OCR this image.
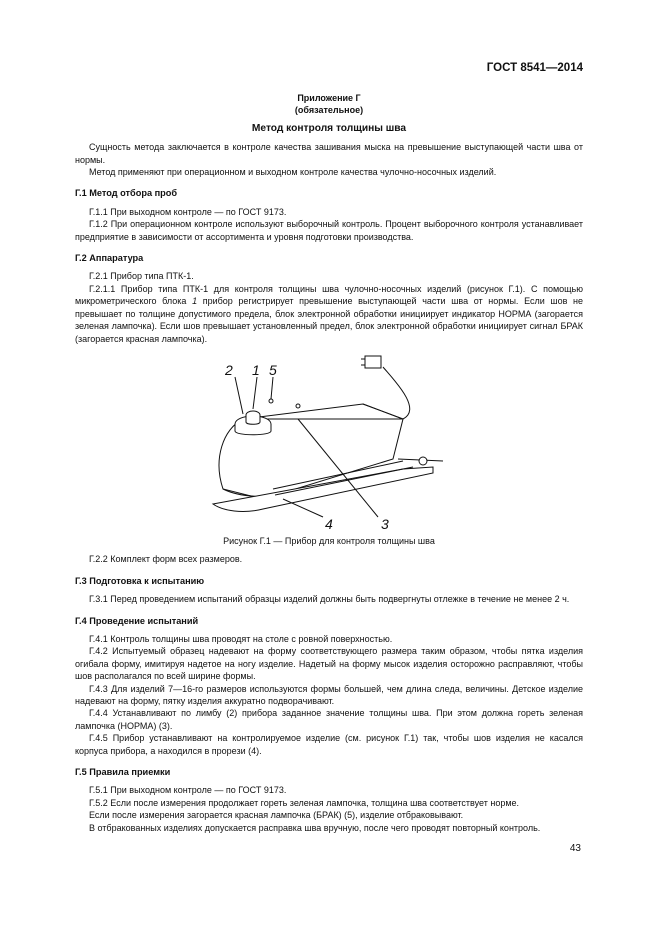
ГОСТ 8541—2014
Приложение Г
(обязательное)
Метод контроля толщины шва

Сущность метода заключается в контроле качества зашивания мыска на превышение выступающей части шва от нормы.

Метод применяют при операционном и выходном контроле качества чулочно-носочных изделий.

Г.1 Метод отбора проб

Г.1.1 При выходном контроле — по ГОСТ 9173.

Г.1.2 При операционном контроле используют выборочный контроль. Процент выборочного контроля устанавливает предприятие в зависимости от ассортимента и уровня подготовки производства.

Г.2 Аппаратура

Г.2.1 Прибор типа ПТК-1.

Г.2.1.1 Прибор типа ПТК-1 для контроля толщины шва чулочно-носочных изделий (рисунок Г.1). С помощью микрометрического блока 1 прибор регистрирует превышение выступающей части шва от нормы. Если шов не превышает по толщине допустимого предела, блок электронной обработки инициирует индикатор НОРМА (загорается зеленая лампочка). Если шов превышает установленный предел, блок электронной обработки инициирует сигнал БРАК (загорается красная лампочка).

2 1 5
4	3
Рисунок Г.1 — Прибор для контроля толщины шва

Г.2.2 Комплект форм всех размеров.

Г.3 Подготовка к испытанию

Г.3.1 Перед проведением испытаний образцы изделий должны быть подвергнуты отлежке в течение не менее 2 ч.

Г.4 Проведение испытаний

Г.4.1 Контроль толщины шва проводят на столе с ровной поверхностью.

Г.4.2 Испытуемый образец надевают на форму соответствующего размера таким образом, чтобы пятка изделия огибала форму, имитируя надетое на ногу изделие. Надетый на форму мысок изделия осторожно расправляют, чтобы шов располагался по всей ширине формы.

Г.4.3 Для изделий 7—16-го размеров используются формы большей, чем длина следа, величины. Детское изделие надевают на форму, пятку изделия аккуратно подворачивают.

Г.4.4 Устанавливают по лимбу (2) прибора заданное значение толщины шва. При этом должна гореть зеленая лампочка (НОРМА) (3).

Г.4.5 Прибор устанавливают на контролируемое изделие (см. рисунок Г.1) так, чтобы шов изделия не касался корпуса прибора, а находился в прорези (4).

Г.5 Правила приемки

Г.5.1 При выходном контроле — по ГОСТ 9173.

Г.5.2 Если после измерения продолжает гореть зеленая лампочка, толщина шва соответствует норме.

Если после измерения загорается красная лампочка (БРАК) (5), изделие отбраковывают.

В отбракованных изделиях допускается расправка шва вручную, после чего проводят повторный контроль.

43
